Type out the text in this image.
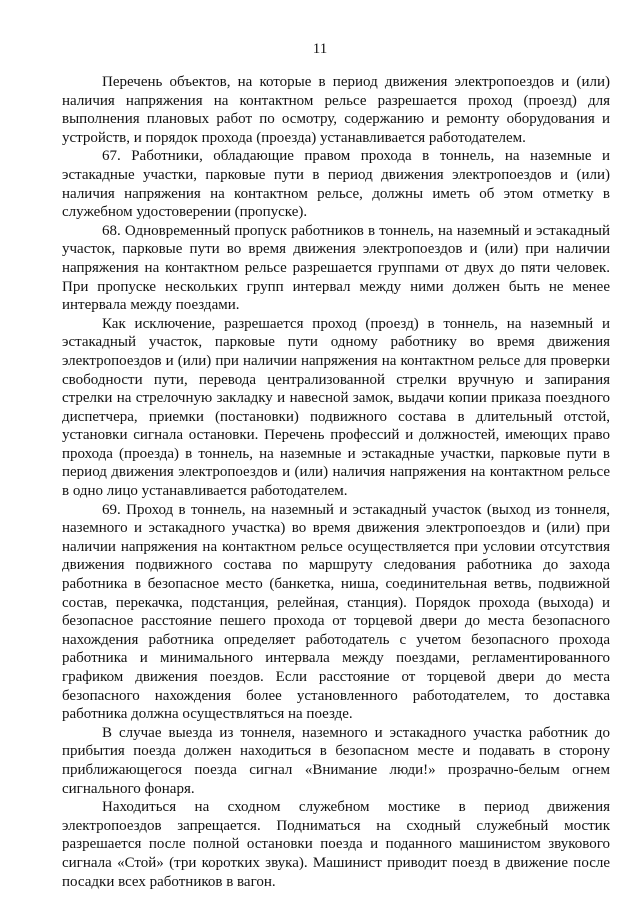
11

Перечень объектов, на которые в период движения электропоездов и (или) наличия напряжения на контактном рельсе разрешается проход (проезд) для выполнения плановых работ по осмотру, содержанию и ремонту оборудования и устройств, и порядок прохода (проезда) устанавливается работодателем.

67. Работники, обладающие правом прохода в тоннель, на наземные и эстакадные участки, парковые пути в период движения электропоездов и (или) наличия напряжения на контактном рельсе, должны иметь об этом отметку в служебном удостоверении (пропуске).

68. Одновременный пропуск работников в тоннель, на наземный и эстакадный участок, парковые пути во время движения электропоездов и (или) при наличии напряжения на контактном рельсе разрешается группами от двух до пяти человек. При пропуске нескольких групп интервал между ними должен быть не менее интервала между поездами.

Как исключение, разрешается проход (проезд) в тоннель, на наземный и эстакадный участок, парковые пути одному работнику во время движения электропоездов и (или) при наличии напряжения на контактном рельсе для проверки свободности пути, перевода централизованной стрелки вручную и запирания стрелки на стрелочную закладку и навесной замок, выдачи копии приказа поездного диспетчера, приемки (постановки) подвижного состава в длительный отстой, установки сигнала остановки. Перечень профессий и должностей, имеющих право прохода (проезда) в тоннель, на наземные и эстакадные участки, парковые пути в период движения электропоездов и (или) наличия напряжения на контактном рельсе в одно лицо устанавливается работодателем.

69. Проход в тоннель, на наземный и эстакадный участок (выход из тоннеля, наземного и эстакадного участка) во время движения электропоездов и (или) при наличии напряжения на контактном рельсе осуществляется при условии отсутствия движения подвижного состава по маршруту следования работника до захода работника в безопасное место (банкетка, ниша, соединительная ветвь, подвижной состав, перекачка, подстанция, релейная, станция). Порядок прохода (выхода) и безопасное расстояние пешего прохода от торцевой двери до места безопасного нахождения работника определяет работодатель с учетом безопасного прохода работника и минимального интервала между поездами, регламентированного графиком движения поездов. Если расстояние от торцевой двери до места безопасного нахождения более установленного работодателем, то доставка работника должна осуществляться на поезде.

В случае выезда из тоннеля, наземного и эстакадного участка работник до прибытия поезда должен находиться в безопасном месте и подавать в сторону приближающегося поезда сигнал «Внимание люди!» прозрачно-белым огнем сигнального фонаря.

Находиться на сходном служебном мостике в период движения электропоездов запрещается. Подниматься на сходный служебный мостик разрешается после полной остановки поезда и поданного машинистом звукового сигнала «Стой» (три коротких звука). Машинист приводит поезд в движение после посадки всех работников в вагон.
